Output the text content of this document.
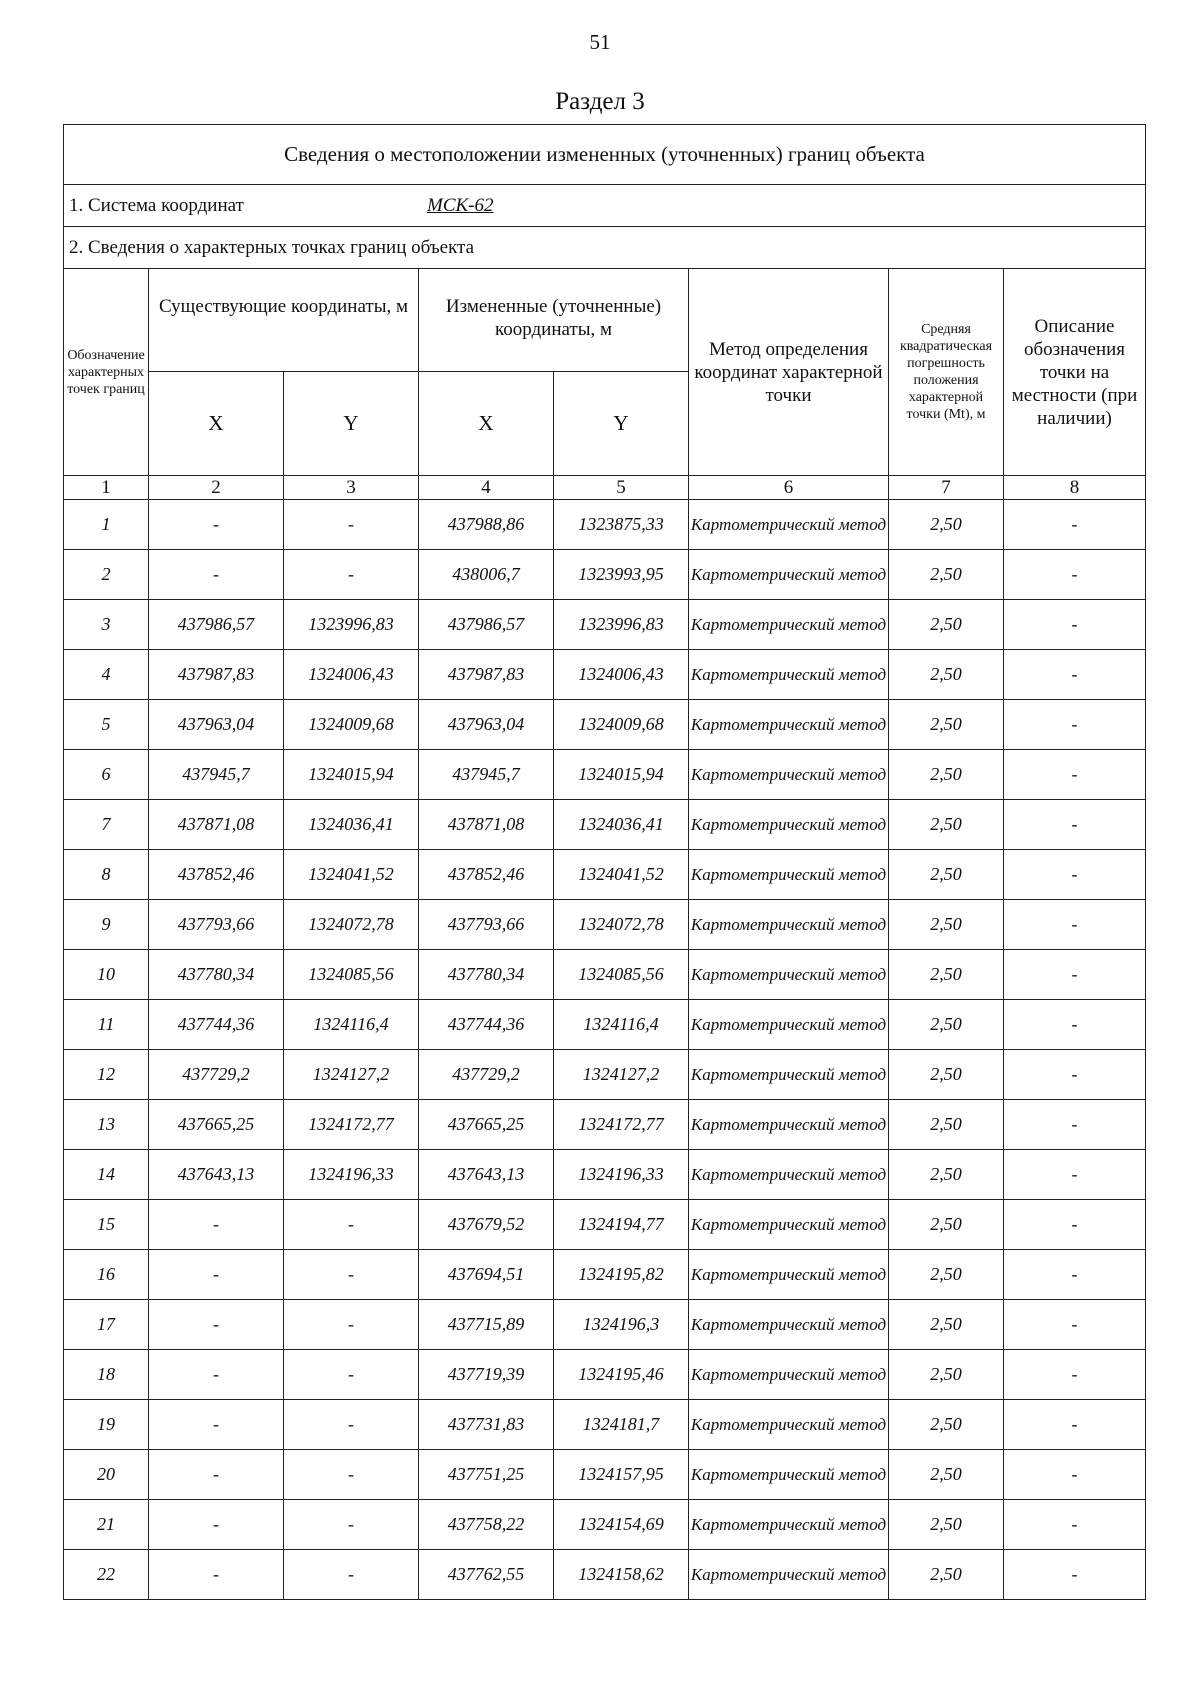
51
Раздел 3
Сведения о местоположении измененных (уточненных) границ объекта							
1. Система координат МСК-62							
2. Сведения о характерных точках границ объекта							
Обозначение характерных точек границ	Существующие координаты, м		Измененные (уточненные) координаты, м		Метод определения координат характерной точки	Средняя квадратическая погрешность положения характерной точки (Mt), м	Описание обозначения точки на местности (при наличии)
	X	Y	X	Y			
1	2	3	4	5	6	7	8
1	-	-	437988,86	1323875,33	Картометрический метод	2,50	-
2	-	-	438006,7	1323993,95	Картометрический метод	2,50	-
3	437986,57	1323996,83	437986,57	1323996,83	Картометрический метод	2,50	-
4	437987,83	1324006,43	437987,83	1324006,43	Картометрический метод	2,50	-
5	437963,04	1324009,68	437963,04	1324009,68	Картометрический метод	2,50	-
6	437945,7	1324015,94	437945,7	1324015,94	Картометрический метод	2,50	-
7	437871,08	1324036,41	437871,08	1324036,41	Картометрический метод	2,50	-
8	437852,46	1324041,52	437852,46	1324041,52	Картометрический метод	2,50	-
9	437793,66	1324072,78	437793,66	1324072,78	Картометрический метод	2,50	-
10	437780,34	1324085,56	437780,34	1324085,56	Картометрический метод	2,50	-
11	437744,36	1324116,4	437744,36	1324116,4	Картометрический метод	2,50	-
12	437729,2	1324127,2	437729,2	1324127,2	Картометрический метод	2,50	-
13	437665,25	1324172,77	437665,25	1324172,77	Картометрический метод	2,50	-
14	437643,13	1324196,33	437643,13	1324196,33	Картометрический метод	2,50	-
15	-	-	437679,52	1324194,77	Картометрический метод	2,50	-
16	-	-	437694,51	1324195,82	Картометрический метод	2,50	-
17	-	-	437715,89	1324196,3	Картометрический метод	2,50	-
18	-	-	437719,39	1324195,46	Картометрический метод	2,50	-
19	-	-	437731,83	1324181,7	Картометрический метод	2,50	-
20	-	-	437751,25	1324157,95	Картометрический метод	2,50	-
21	-	-	437758,22	1324154,69	Картометрический метод	2,50	-
22	-	-	437762,55	1324158,62	Картометрический метод	2,50	-
